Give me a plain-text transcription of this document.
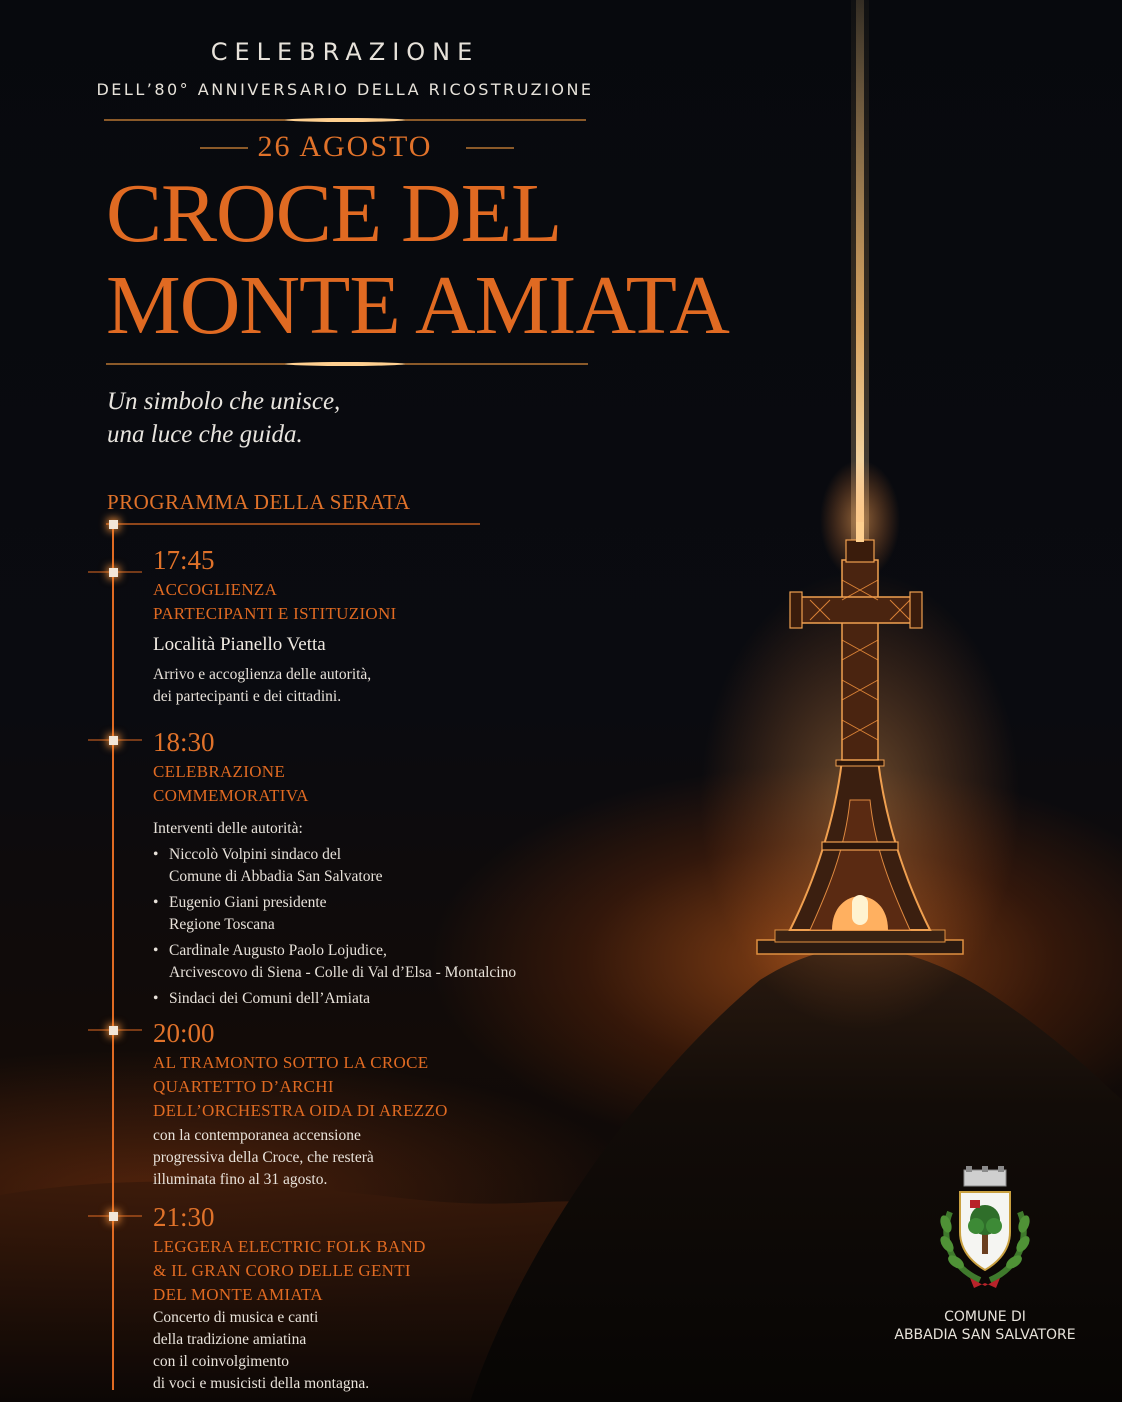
CELEBRAZIONE
DELL’80° ANNIVERSARIO DELLA RICOSTRUZIONE
26 AGOSTO
CROCE DEL
MONTE AMIATA
Un simbolo che unisce,
una luce che guida.
PROGRAMMA DELLA SERATA
17:45
ACCOGLIENZA
PARTECIPANTI E ISTITUZIONI
Località Pianello Vetta
Arrivo e accoglienza delle autorità,
dei partecipanti e dei cittadini.
18:30
CELEBRAZIONE
COMMEMORATIVA
Interventi delle autorità:
• Niccolò Volpini sindaco del
Comune di Abbadia San Salvatore
• Eugenio Giani presidente
Regione Toscana
• Cardinale Augusto Paolo Lojudice,
Arcivescovo di Siena - Colle di Val d’Elsa - Montalcino
• Sindaci dei Comuni dell’Amiata
20:00
AL TRAMONTO SOTTO LA CROCE
QUARTETTO D’ARCHI
DELL’ORCHESTRA OIDA DI AREZZO
con la contemporanea accensione
progressiva della Croce, che resterà
illuminata fino al 31 agosto.
21:30
LEGGERA ELECTRIC FOLK BAND
& IL GRAN CORO DELLE GENTI
DEL MONTE AMIATA
Concerto di musica e canti
della tradizione amiatina
con il coinvolgimento
di voci e musicisti della montagna.
COMUNE DI
ABBADIA SAN SALVATORE
